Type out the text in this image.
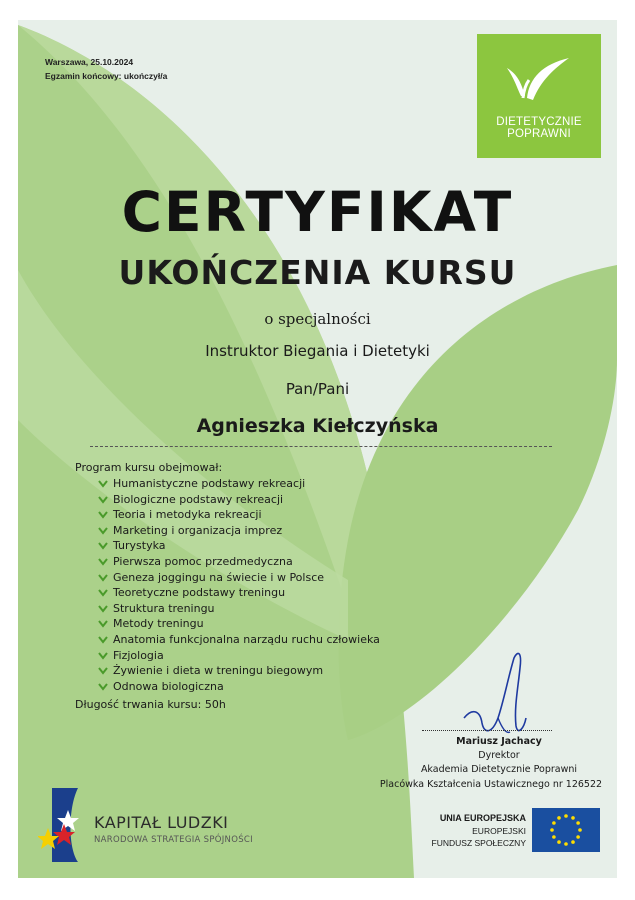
Warszawa, 25.10.2024
Egzamin końcowy: ukończył/a
DIETETYCZNIE
POPRAWNI
CERTYFIKAT
UKOŃCZENIA KURSU
o specjalności
Instruktor Biegania i Dietetyki
Pan/Pani
Agnieszka Kiełczyńska
Program kursu obejmował:
Humanistyczne podstawy rekreacji
Biologiczne podstawy rekreacji
Teoria i metodyka rekreacji
Marketing i organizacja imprez
Turystyka
Pierwsza pomoc przedmedyczna
Geneza joggingu na świecie i w Polsce
Teoretyczne podstawy treningu
Struktura treningu
Metody treningu
Anatomia funkcjonalna narządu ruchu człowieka
Fizjologia
Żywienie i dieta w treningu biegowym
Odnowa biologiczna
Długość trwania kursu: 50h
Mariusz Jachacy
Dyrektor
Akademia Dietetycznie Poprawni
Placówka Kształcenia Ustawicznego nr 126522
KAPITAŁ LUDZKI
NARODOWA STRATEGIA SPÓJNOŚCI
UNIA EUROPEJSKA
EUROPEJSKI
FUNDUSZ SPOŁECZNY
